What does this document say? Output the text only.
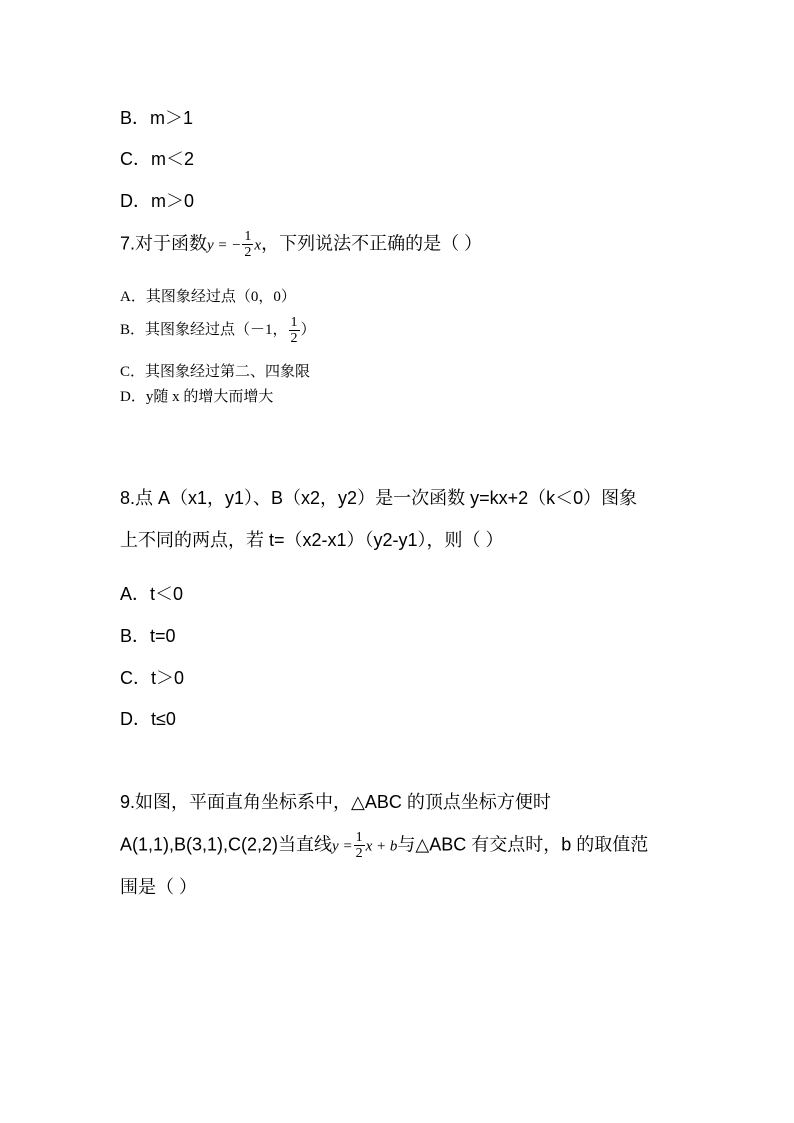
B．m＞1
C．m＜2
D．m＞0
7.对于函数y = − $\frac{1}{2}$ x，下列说法不正确的是（ ）
A．其图象经过点（0，0）
B．其图象经过点（－1， $\frac{1}{2}$ ）
C．其图象经过第二、四象限
D．y随 x 的增大而增大
8.点 A（x1，y1）、B（x2，y2）是一次函数 y=kx+2（k＜0）图象
上不同的两点，若 t=（x2-x1）（y2-y1），则（ ）
A．t＜0
B．t=0
C．t＞0
D．t≤0
9.如图，平面直角坐标系中，△ABC 的顶点坐标方便时
A(1,1),B(3,1),C(2,2)当直线$y = \frac{1}{2}$ x + b与△ABC 有交点时，b 的取值范
围是（ ）
